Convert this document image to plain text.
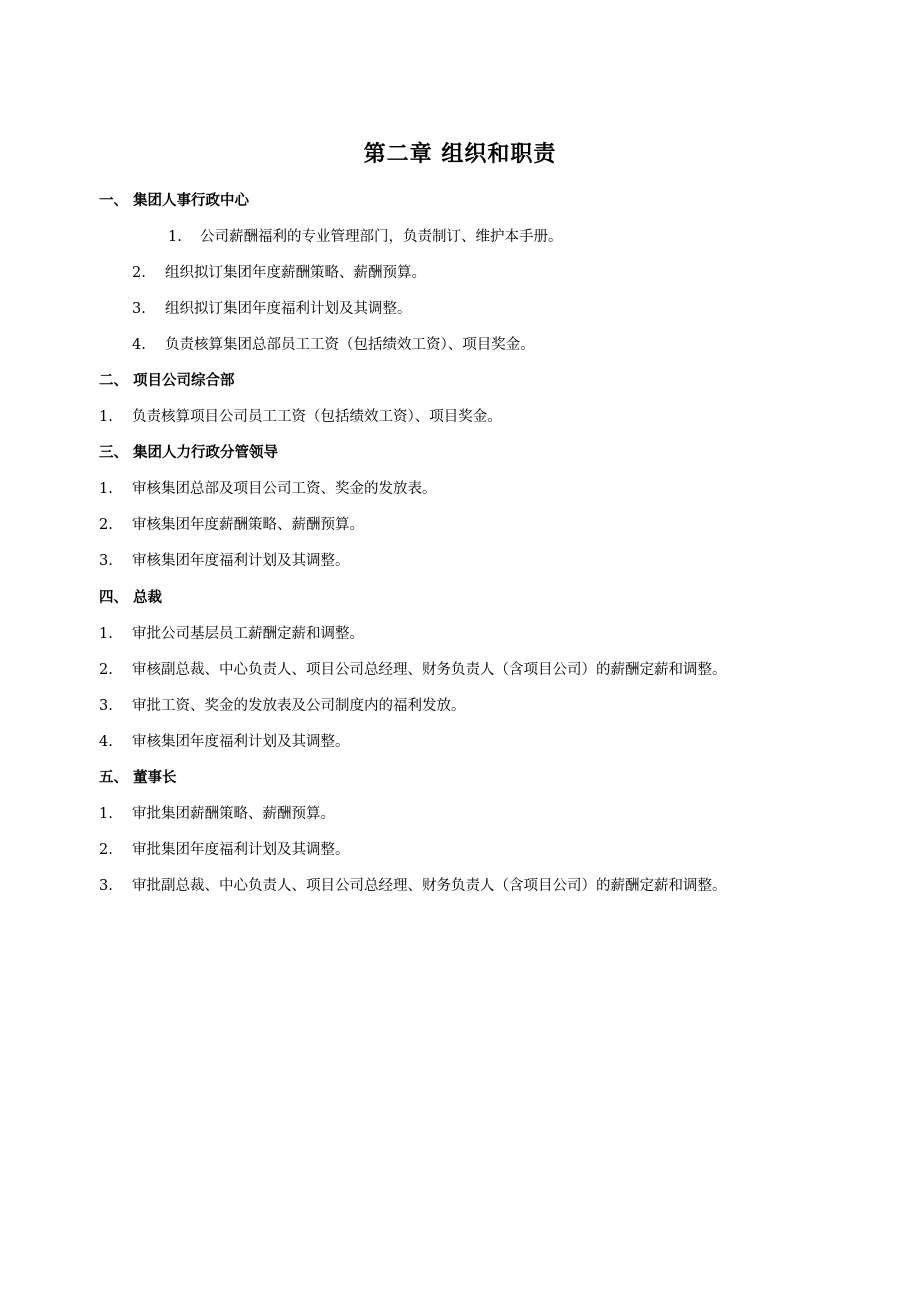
第二章 组织和职责
一、 集团人事行政中心
1. 公司薪酬福利的专业管理部门，负责制订、维护本手册。
2. 组织拟订集团年度薪酬策略、薪酬预算。
3. 组织拟订集团年度福利计划及其调整。
4. 负责核算集团总部员工工资（包括绩效工资）、项目奖金。
二、 项目公司综合部
1. 负责核算项目公司员工工资（包括绩效工资）、项目奖金。
三、 集团人力行政分管领导
1. 审核集团总部及项目公司工资、奖金的发放表。
2. 审核集团年度薪酬策略、薪酬预算。
3. 审核集团年度福利计划及其调整。
四、 总裁
1. 审批公司基层员工薪酬定薪和调整。
2. 审核副总裁、中心负责人、项目公司总经理、财务负责人（含项目公司）的薪酬定薪和调整。
3. 审批工资、奖金的发放表及公司制度内的福利发放。
4. 审核集团年度福利计划及其调整。
五、 董事长
1. 审批集团薪酬策略、薪酬预算。
2. 审批集团年度福利计划及其调整。
3. 审批副总裁、中心负责人、项目公司总经理、财务负责人（含项目公司）的薪酬定薪和调整。
